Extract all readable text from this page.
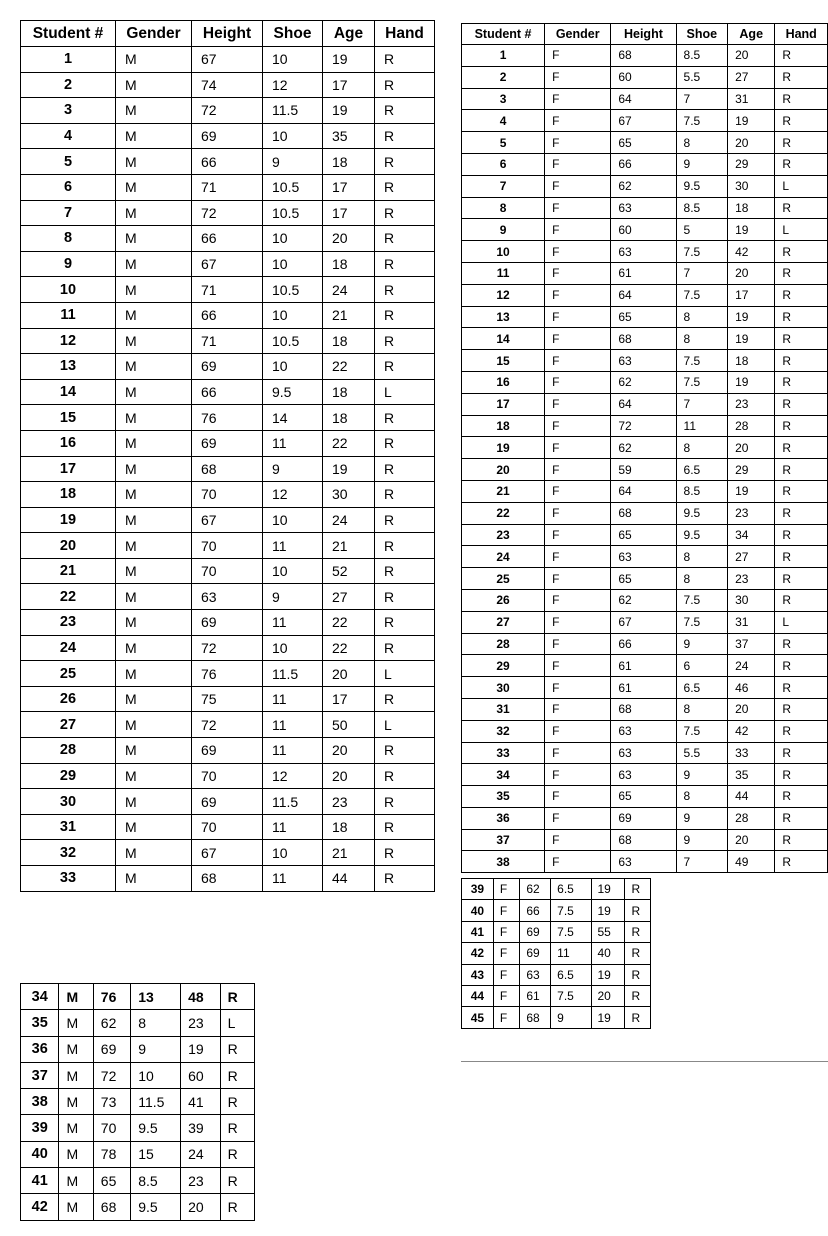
Student #	Gender	Height	Shoe	Age	Hand
1	M	67	10	19	R
2	M	74	12	17	R
3	M	72	11.5	19	R
4	M	69	10	35	R
5	M	66	9	18	R
6	M	71	10.5	17	R
7	M	72	10.5	17	R
8	M	66	10	20	R
9	M	67	10	18	R
10	M	71	10.5	24	R
11	M	66	10	21	R
12	M	71	10.5	18	R
13	M	69	10	22	R
14	M	66	9.5	18	L
15	M	76	14	18	R
16	M	69	11	22	R
17	M	68	9	19	R
18	M	70	12	30	R
19	M	67	10	24	R
20	M	70	11	21	R
21	M	70	10	52	R
22	M	63	9	27	R
23	M	69	11	22	R
24	M	72	10	22	R
25	M	76	11.5	20	L
26	M	75	11	17	R
27	M	72	11	50	L
28	M	69	11	20	R
29	M	70	12	20	R
30	M	69	11.5	23	R
31	M	70	11	18	R
32	M	67	10	21	R
33	M	68	11	44	R
34	M	76	13	48	R
35	M	62	8	23	L
36	M	69	9	19	R
37	M	72	10	60	R
38	M	73	11.5	41	R
39	M	70	9.5	39	R
40	M	78	15	24	R
41	M	65	8.5	23	R
42	M	68	9.5	20	R
Student #	Gender	Height	Shoe	Age	Hand
1	F	68	8.5	20	R
2	F	60	5.5	27	R
3	F	64	7	31	R
4	F	67	7.5	19	R
5	F	65	8	20	R
6	F	66	9	29	R
7	F	62	9.5	30	L
8	F	63	8.5	18	R
9	F	60	5	19	L
10	F	63	7.5	42	R
11	F	61	7	20	R
12	F	64	7.5	17	R
13	F	65	8	19	R
14	F	68	8	19	R
15	F	63	7.5	18	R
16	F	62	7.5	19	R
17	F	64	7	23	R
18	F	72	11	28	R
19	F	62	8	20	R
20	F	59	6.5	29	R
21	F	64	8.5	19	R
22	F	68	9.5	23	R
23	F	65	9.5	34	R
24	F	63	8	27	R
25	F	65	8	23	R
26	F	62	7.5	30	R
27	F	67	7.5	31	L
28	F	66	9	37	R
29	F	61	6	24	R
30	F	61	6.5	46	R
31	F	68	8	20	R
32	F	63	7.5	42	R
33	F	63	5.5	33	R
34	F	63	9	35	R
35	F	65	8	44	R
36	F	69	9	28	R
37	F	68	9	20	R
38	F	63	7	49	R
39	F	62	6.5	19	R
40	F	66	7.5	19	R
41	F	69	7.5	55	R
42	F	69	11	40	R
43	F	63	6.5	19	R
44	F	61	7.5	20	R
45	F	68	9	19	R
